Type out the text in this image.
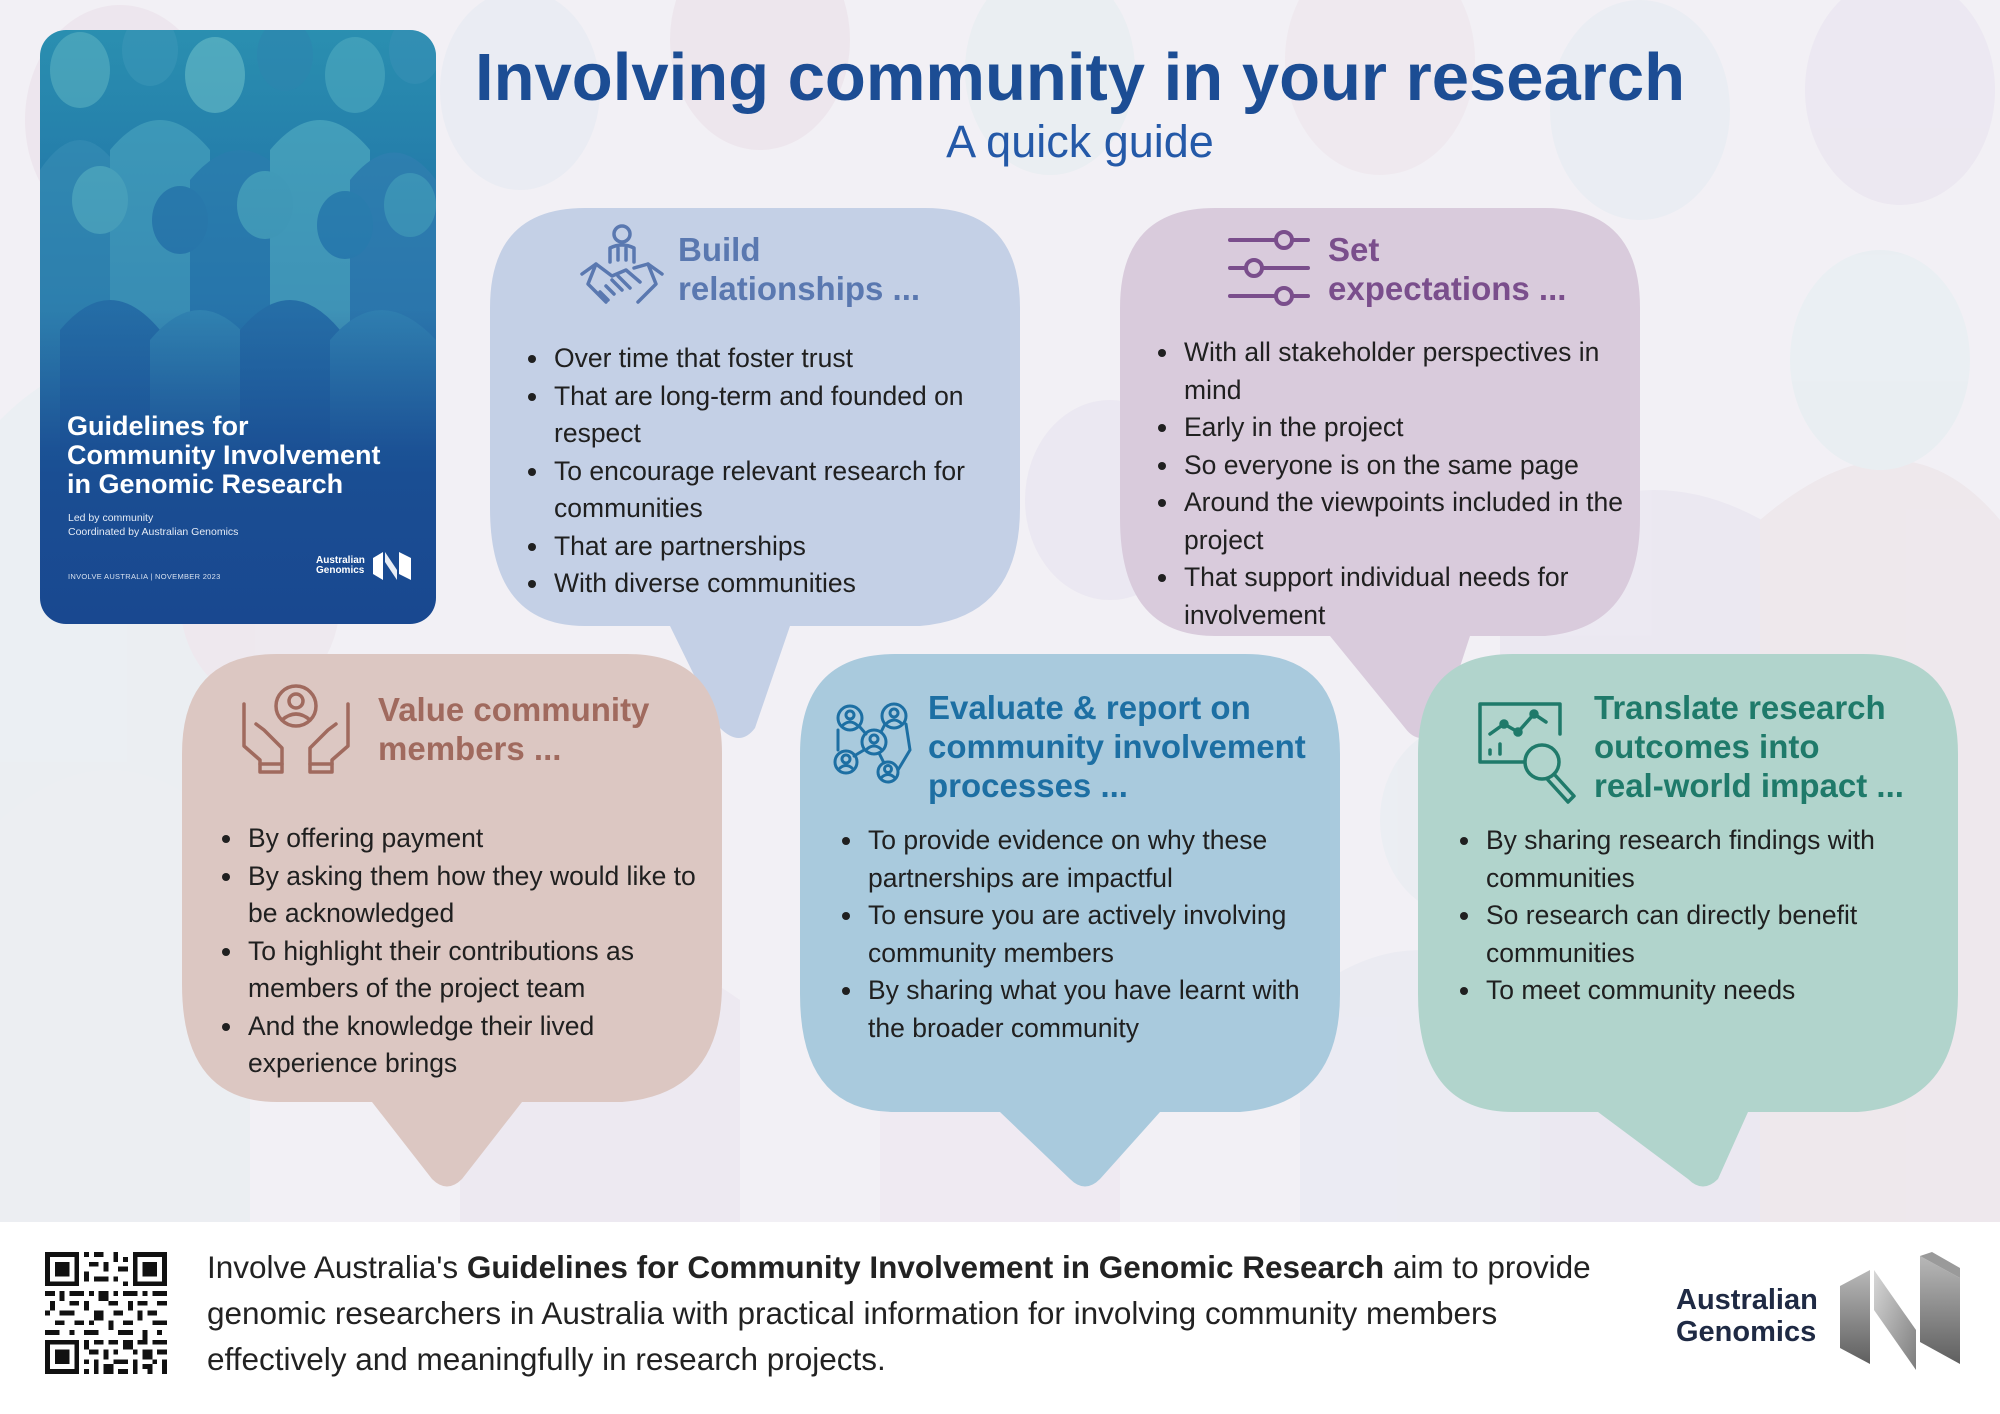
Guidelines for
Community Involvement
in Genomic Research
Led by community
Coordinated by Australian Genomics
INVOLVE AUSTRALIA | NOVEMBER 2023
Australian
Genomics
Involving community in your research
A quick guide
Build
relationships ...
Over time that foster trust
That are long-term and founded on respect
To encourage relevant research for communities
That are partnerships
With diverse communities
Set
expectations ...
With all stakeholder perspectives in mind
Early in the project
So everyone is on the same page
Around the viewpoints included in the project
That support individual needs for involvement
Value community
members ...
By offering payment
By asking them how they would like to be acknowledged
To highlight their contributions as members of the project team
And the knowledge their lived experience brings
Evaluate & report on
community involvement
processes ...
To provide evidence on why these partnerships are impactful
To ensure you are actively involving community members
By sharing what you have learnt with the broader community
Translate research
outcomes into
real-world impact ...
By sharing research findings with communities
So research can directly benefit communities
To meet community needs
Involve Australia's Guidelines for Community Involvement in Genomic Research aim to provide genomic researchers in Australia with practical information for involving community members effectively and meaningfully in research projects.
Australian
Genomics
